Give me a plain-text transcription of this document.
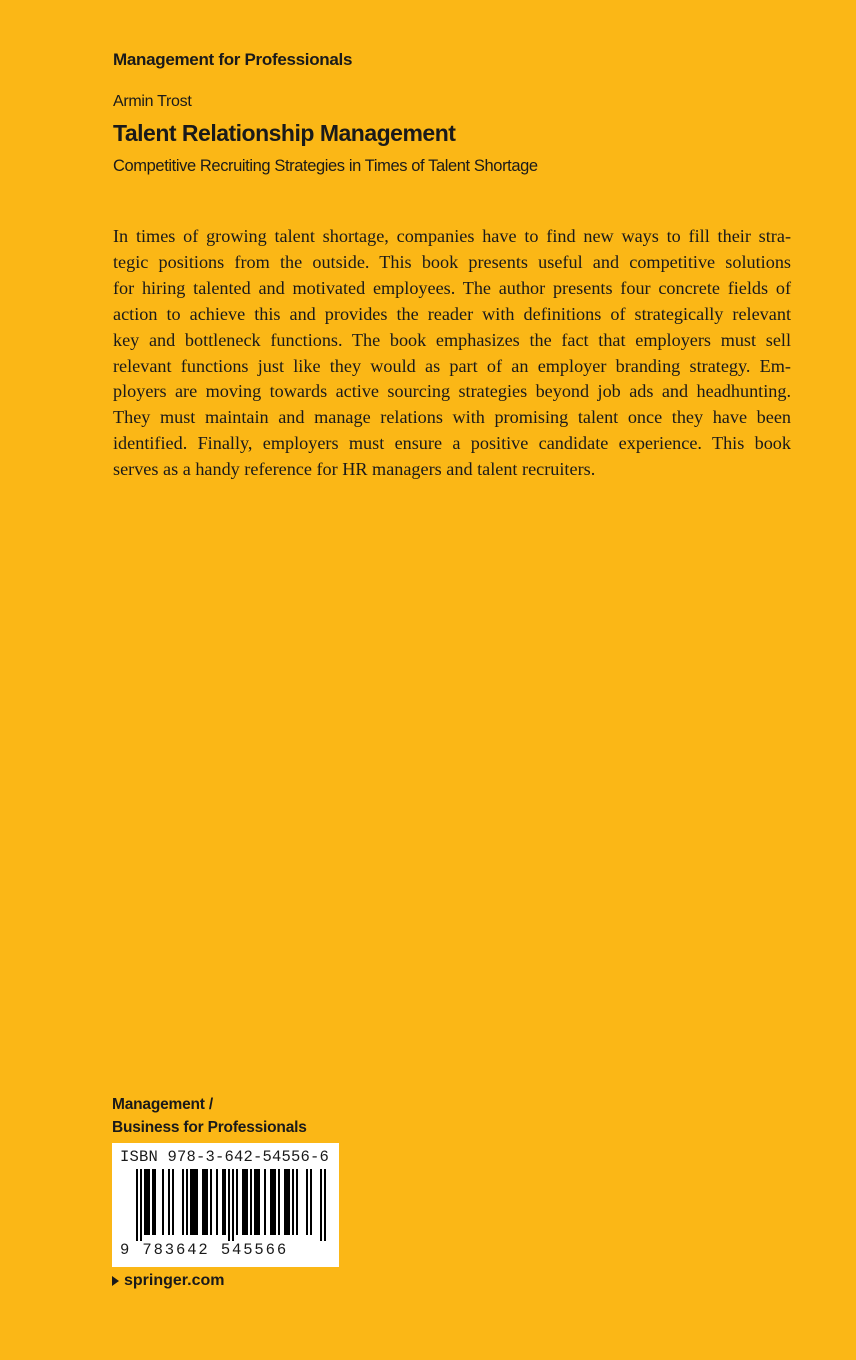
Management for Professionals
Armin Trost
Talent Relationship Management
Competitive Recruiting Strategies in Times of Talent Shortage
In times of growing talent shortage, companies have to find new ways to fill their stra-
tegic positions from the outside. This book presents useful and competitive solutions
for hiring talented and motivated employees. The author presents four concrete fields of
action to achieve this and provides the reader with definitions of strategically relevant
key and bottleneck functions. The book emphasizes the fact that employers must sell
relevant functions just like they would as part of an employer branding strategy. Em-
ployers are moving towards active sourcing strategies beyond job ads and headhunting.
They must maintain and manage relations with promising talent once they have been
identified. Finally, employers must ensure a positive candidate experience. This book
serves as a handy reference for HR managers and talent recruiters.
Management /
Business for Professionals
ISBN 978-3-642-54556-6
9 783642 545566
springer.com
